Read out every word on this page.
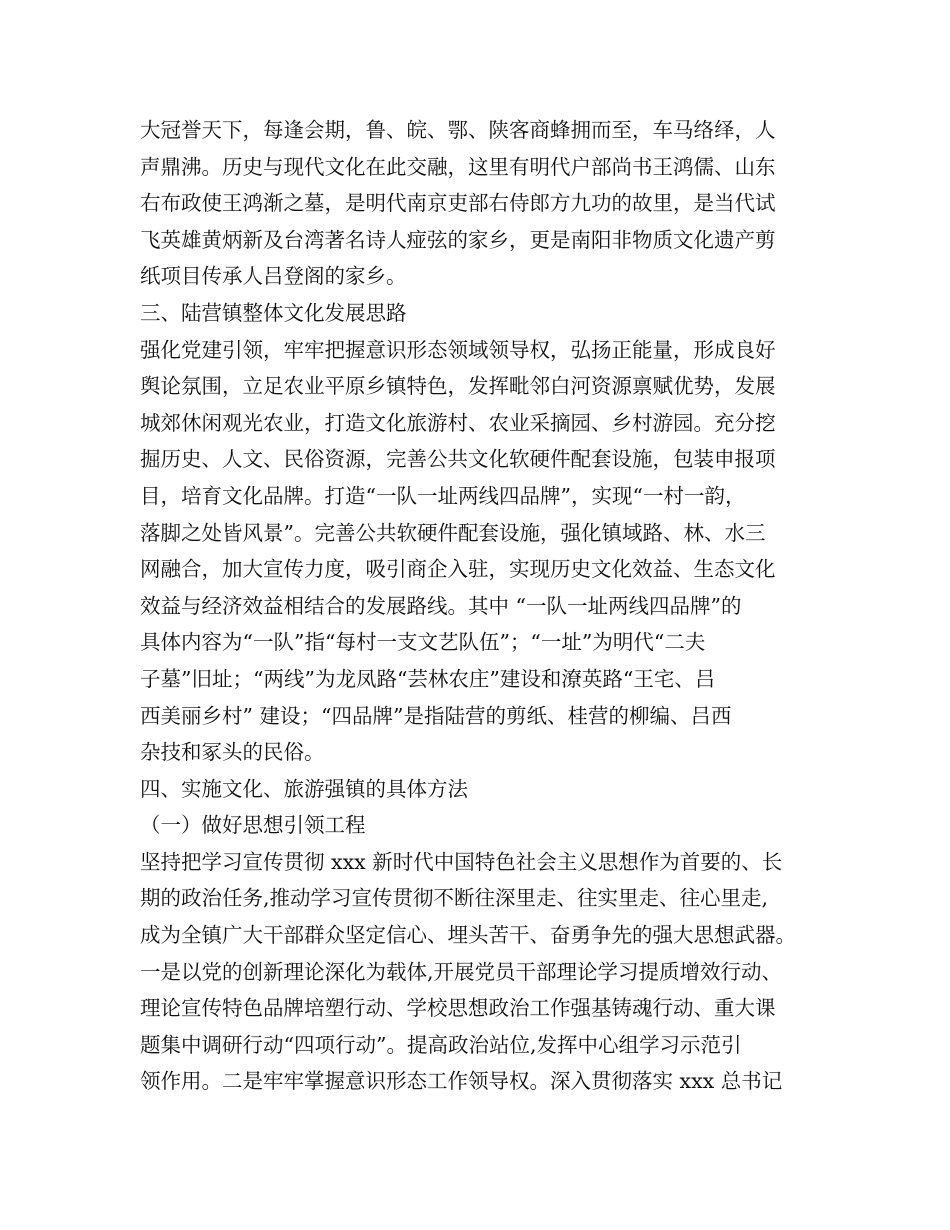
大冠誉天下，每逢会期，鲁、皖、鄂、陕客商蜂拥而至，车马络绎，人
声鼎沸。历史与现代文化在此交融，这里有明代户部尚书王鸿儒、山东
右布政使王鸿渐之墓，是明代南京吏部右侍郎方九功的故里，是当代试
飞英雄黄炳新及台湾著名诗人痖弦的家乡，更是南阳非物质文化遗产剪
纸项目传承人吕登阁的家乡。
三、陆营镇整体文化发展思路
强化党建引领，牢牢把握意识形态领域领导权，弘扬正能量，形成良好
舆论氛围，立足农业平原乡镇特色，发挥毗邻白河资源禀赋优势，发展
城郊休闲观光农业，打造文化旅游村、农业采摘园、乡村游园。充分挖
掘历史、人文、民俗资源，完善公共文化软硬件配套设施，包装申报项
目，培育文化品牌。打造“一队一址两线四品牌”，实现“一村一韵，
落脚之处皆风景”。完善公共软硬件配套设施，强化镇域路、林、水三
网融合，加大宣传力度，吸引商企入驻，实现历史文化效益、生态文化
效益与经济效益相结合的发展路线。其中 “一队一址两线四品牌”的
具体内容为“一队”指“每村一支文艺队伍”；“一址”为明代“二夫
子墓”旧址；“两线”为龙凤路“芸林农庄”建设和潦英路“王宅、吕
西美丽乡村” 建设；“四品牌”是指陆营的剪纸、桂营的柳编、吕西
杂技和冢头的民俗。
四、实施文化、旅游强镇的具体方法
（一）做好思想引领工程
坚持把学习宣传贯彻 xxx 新时代中国特色社会主义思想作为首要的、长
期的政治任务,推动学习宣传贯彻不断往深里走、往实里走、往心里走,
成为全镇广大干部群众坚定信心、埋头苦干、奋勇争先的强大思想武器。
一是以党的创新理论深化为载体,开展党员干部理论学习提质增效行动、
理论宣传特色品牌培塑行动、学校思想政治工作强基铸魂行动、重大课
题集中调研行动“四项行动”。提高政治站位,发挥中心组学习示范引
领作用。二是牢牢掌握意识形态工作领导权。深入贯彻落实 xxx 总书记
